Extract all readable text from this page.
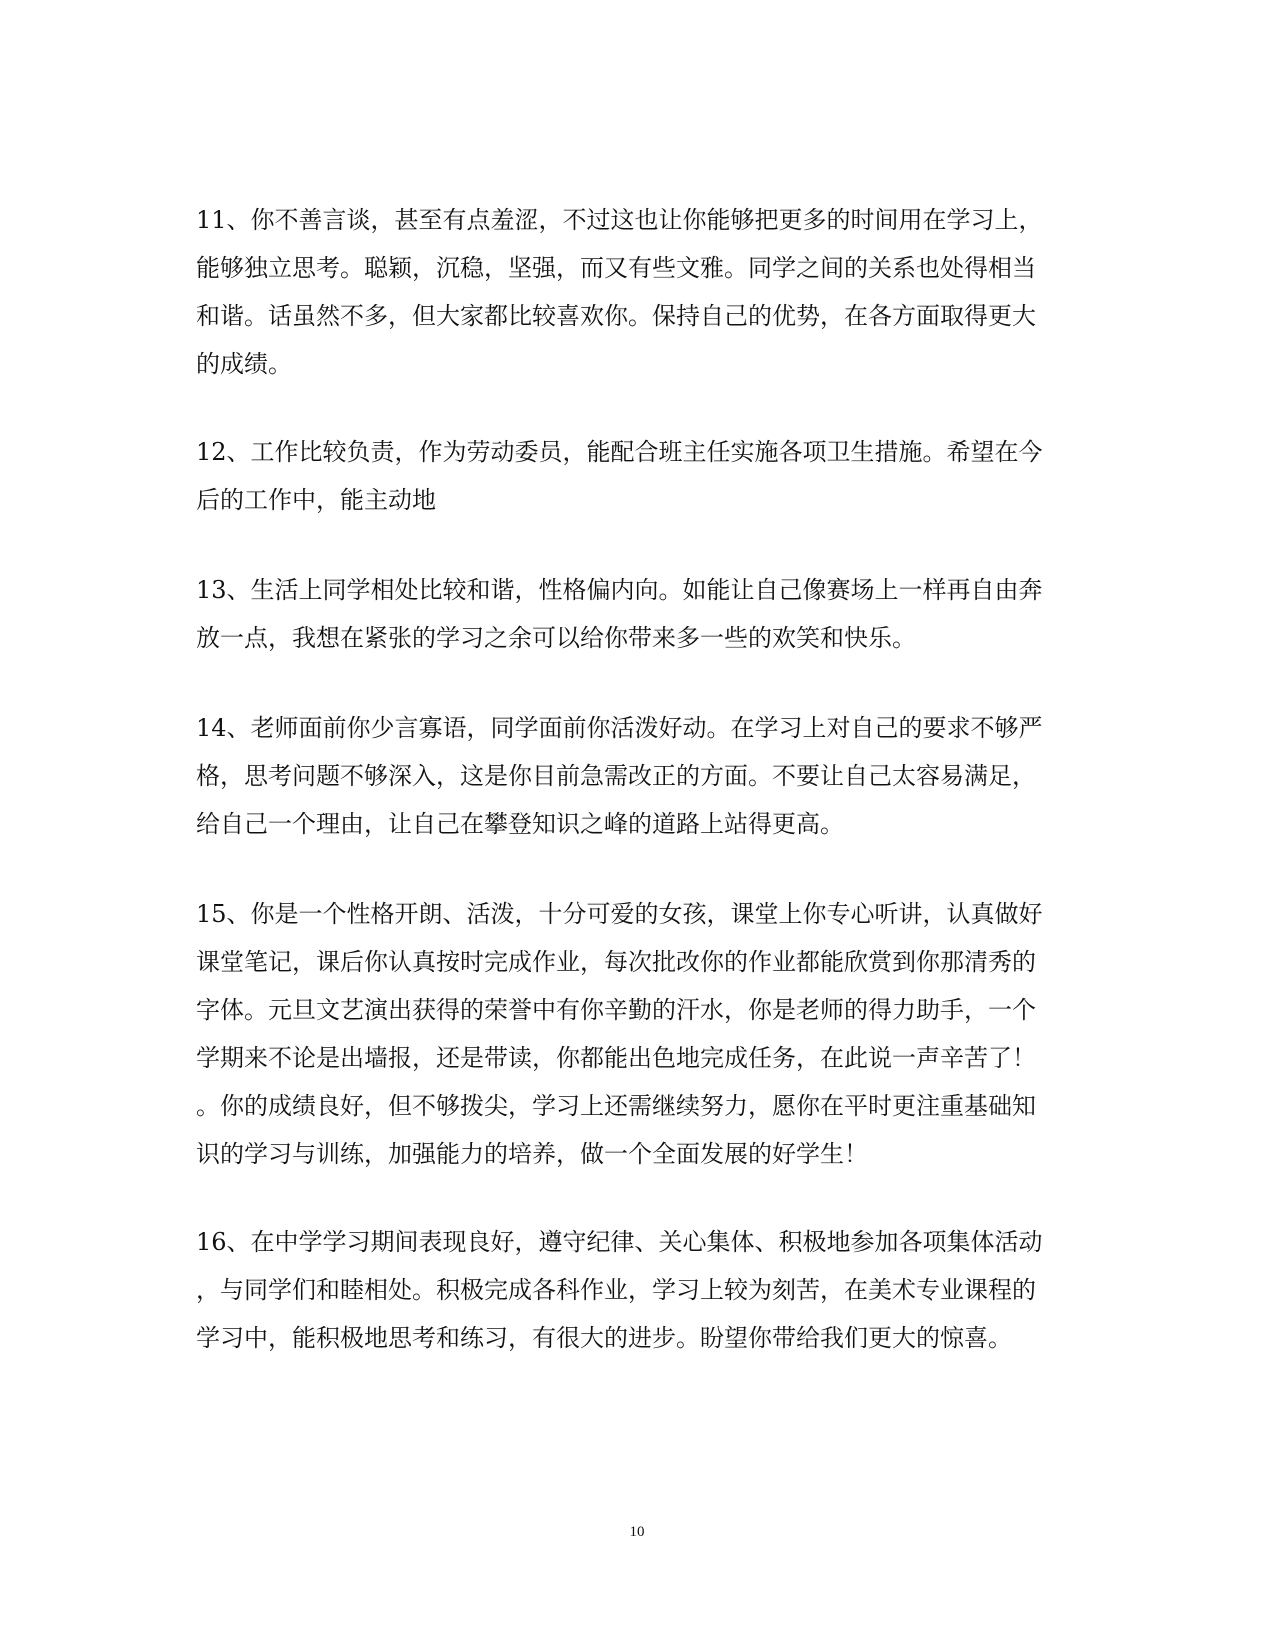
11、你不善言谈，甚至有点羞涩，不过这也让你能够把更多的时间用在学习上，
能够独立思考。聪颖，沉稳，坚强，而又有些文雅。同学之间的关系也处得相当
和谐。话虽然不多，但大家都比较喜欢你。保持自己的优势，在各方面取得更大
的成绩。
12、工作比较负责，作为劳动委员，能配合班主任实施各项卫生措施。希望在今
后的工作中，能主动地
13、生活上同学相处比较和谐，性格偏内向。如能让自己像赛场上一样再自由奔
放一点，我想在紧张的学习之余可以给你带来多一些的欢笑和快乐。
14、老师面前你少言寡语，同学面前你活泼好动。在学习上对自己的要求不够严
格，思考问题不够深入，这是你目前急需改正的方面。不要让自己太容易满足，
给自己一个理由，让自己在攀登知识之峰的道路上站得更高。
15、你是一个性格开朗、活泼，十分可爱的女孩，课堂上你专心听讲，认真做好
课堂笔记，课后你认真按时完成作业，每次批改你的作业都能欣赏到你那清秀的
字体。元旦文艺演出获得的荣誉中有你辛勤的汗水，你是老师的得力助手，一个
学期来不论是出墙报，还是带读，你都能出色地完成任务，在此说一声辛苦了！
。你的成绩良好，但不够拨尖，学习上还需继续努力，愿你在平时更注重基础知
识的学习与训练，加强能力的培养，做一个全面发展的好学生！
16、在中学学习期间表现良好，遵守纪律、关心集体、积极地参加各项集体活动
，与同学们和睦相处。积极完成各科作业，学习上较为刻苦，在美术专业课程的
学习中，能积极地思考和练习，有很大的进步。盼望你带给我们更大的惊喜。
10
